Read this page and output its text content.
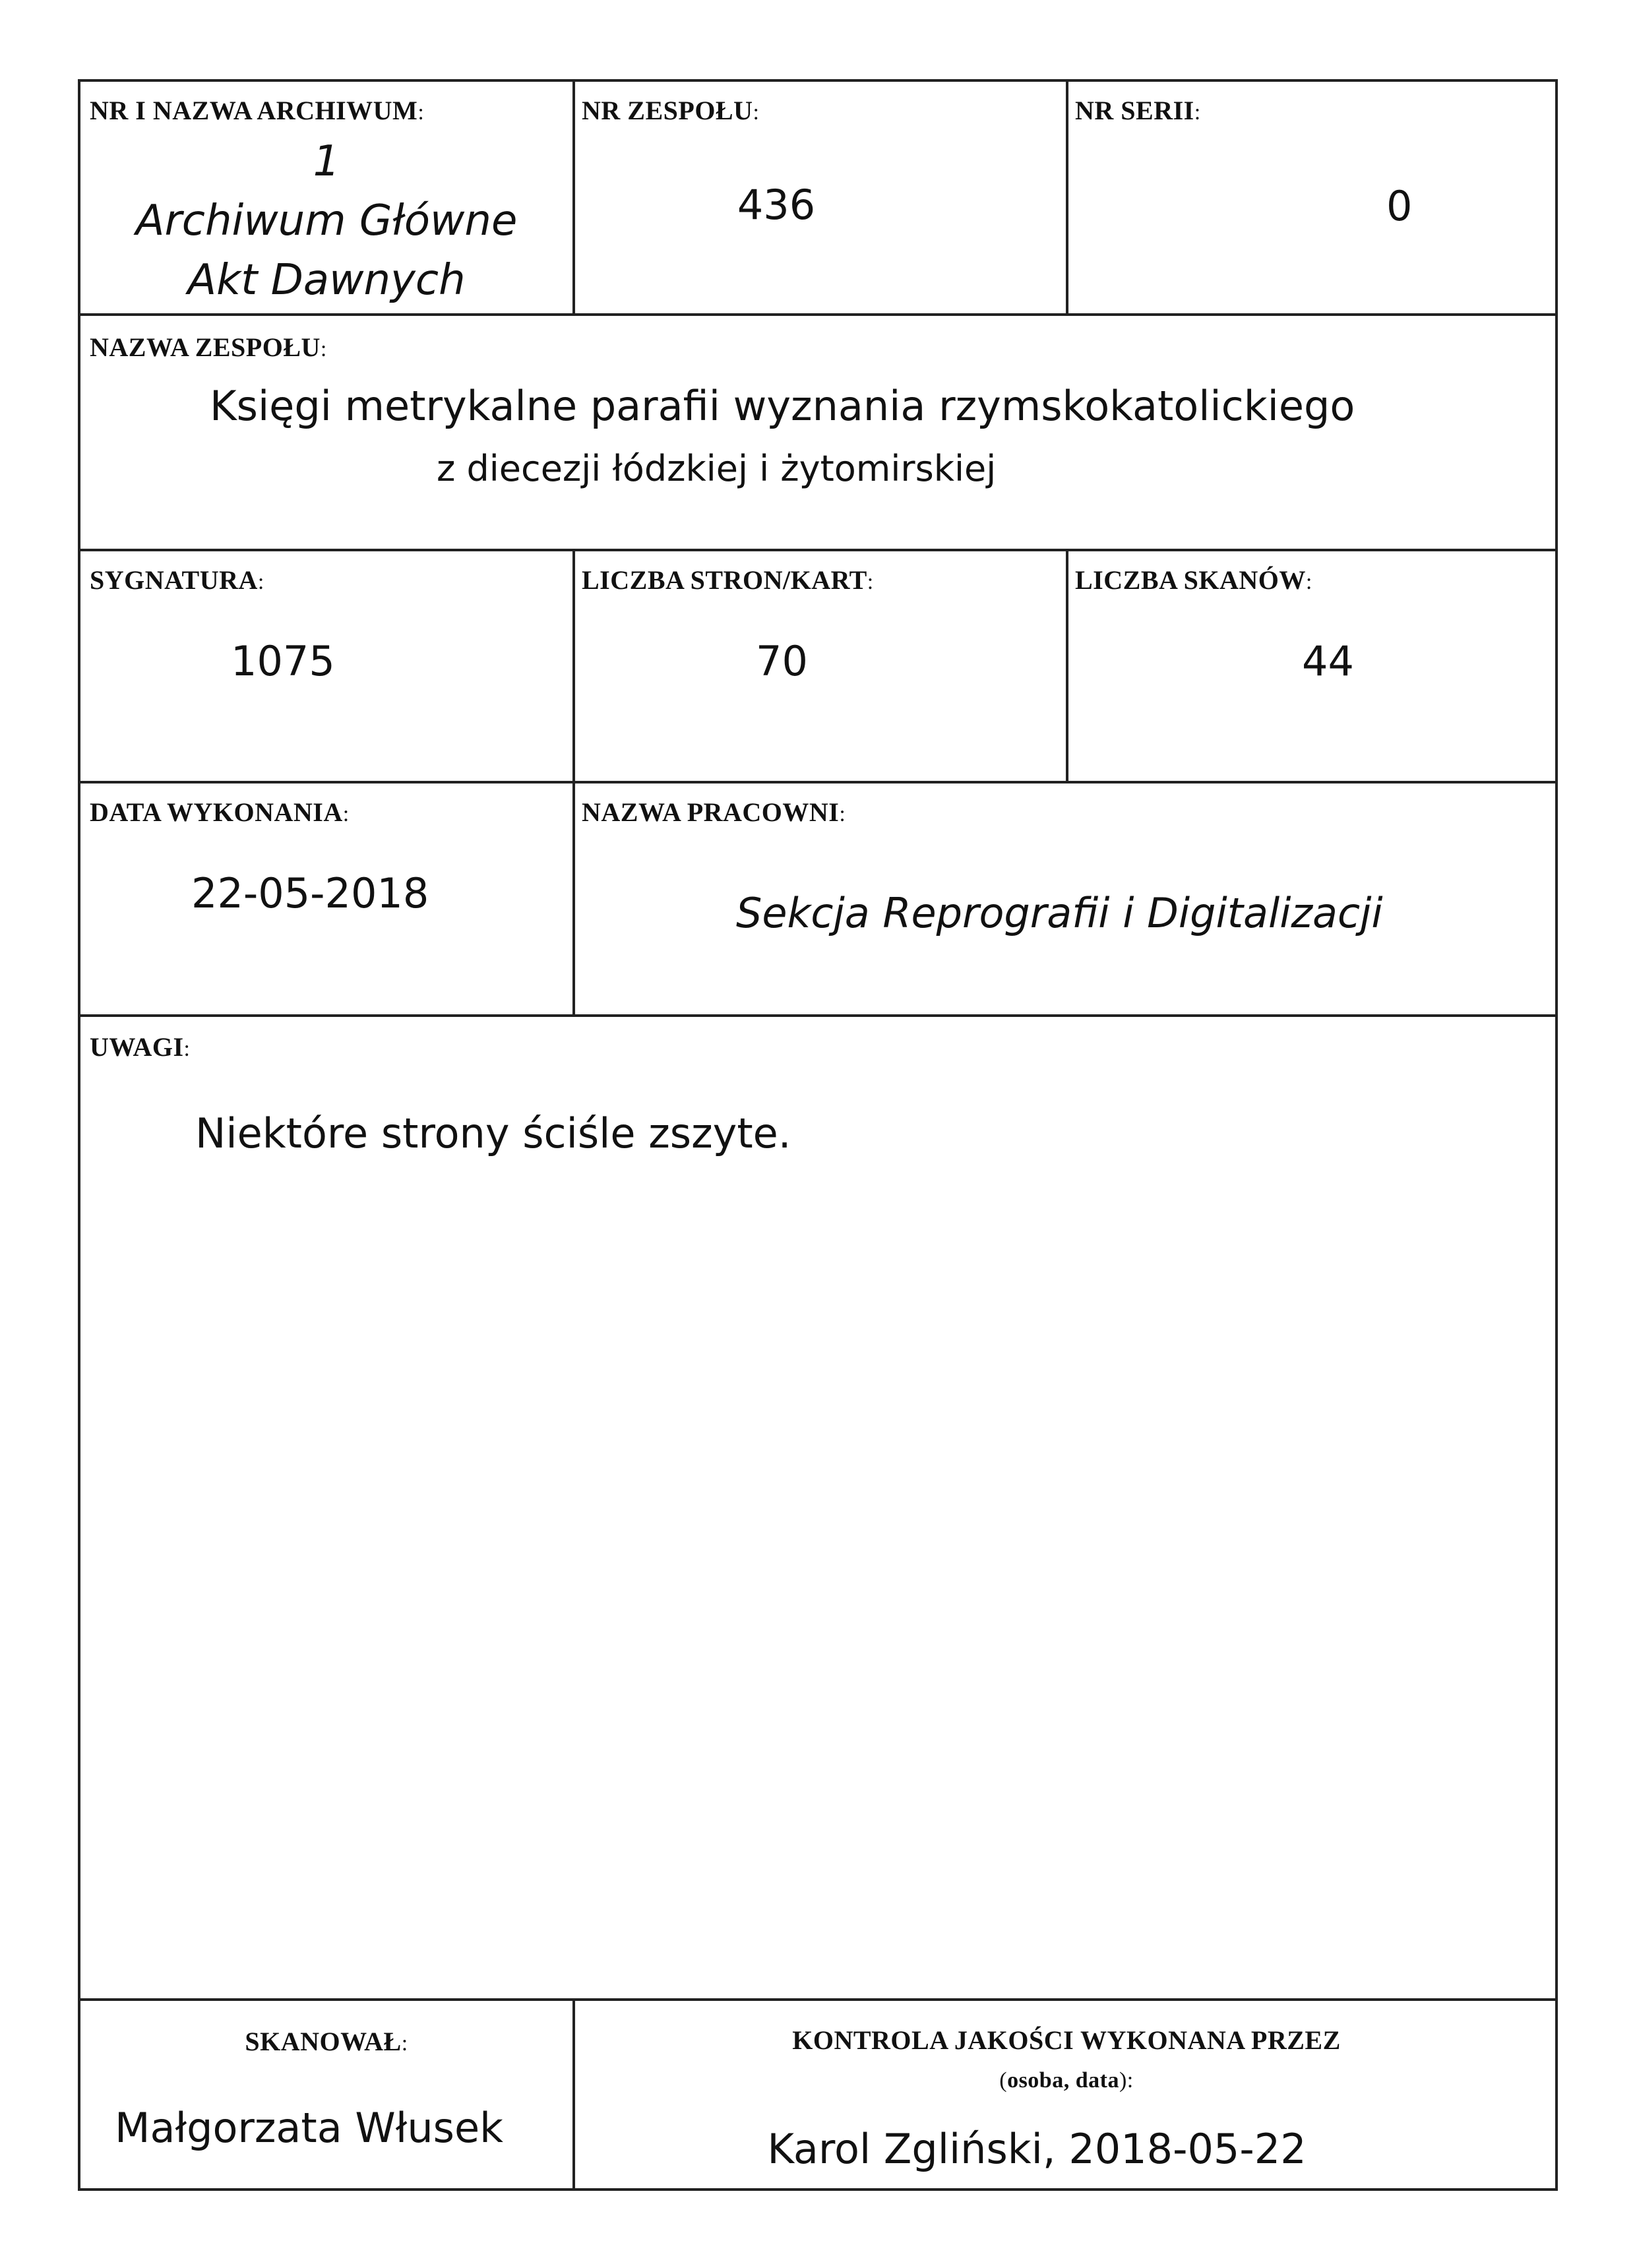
NR I NAZWA ARCHIWUM:
1
Archiwum Główne
Akt Dawnych
NR ZESPOŁU:
436
NR SERII:
0
NAZWA ZESPOŁU:
Księgi metrykalne parafii wyznania rzymskokatolickiego
z diecezji łódzkiej i żytomirskiej
SYGNATURA:
1075
LICZBA STRON/KART:
70
LICZBA SKANÓW:
44
DATA WYKONANIA:
22-05-2018
NAZWA PRACOWNI:
Sekcja Reprografii i Digitalizacji
UWAGI:
Niektóre strony ściśle zszyte.
SKANOWAŁ:
Małgorzata Włusek
KONTROLA JAKOŚCI WYKONANA PRZEZ
(osoba, data):
Karol Zgliński, 2018-05-22
